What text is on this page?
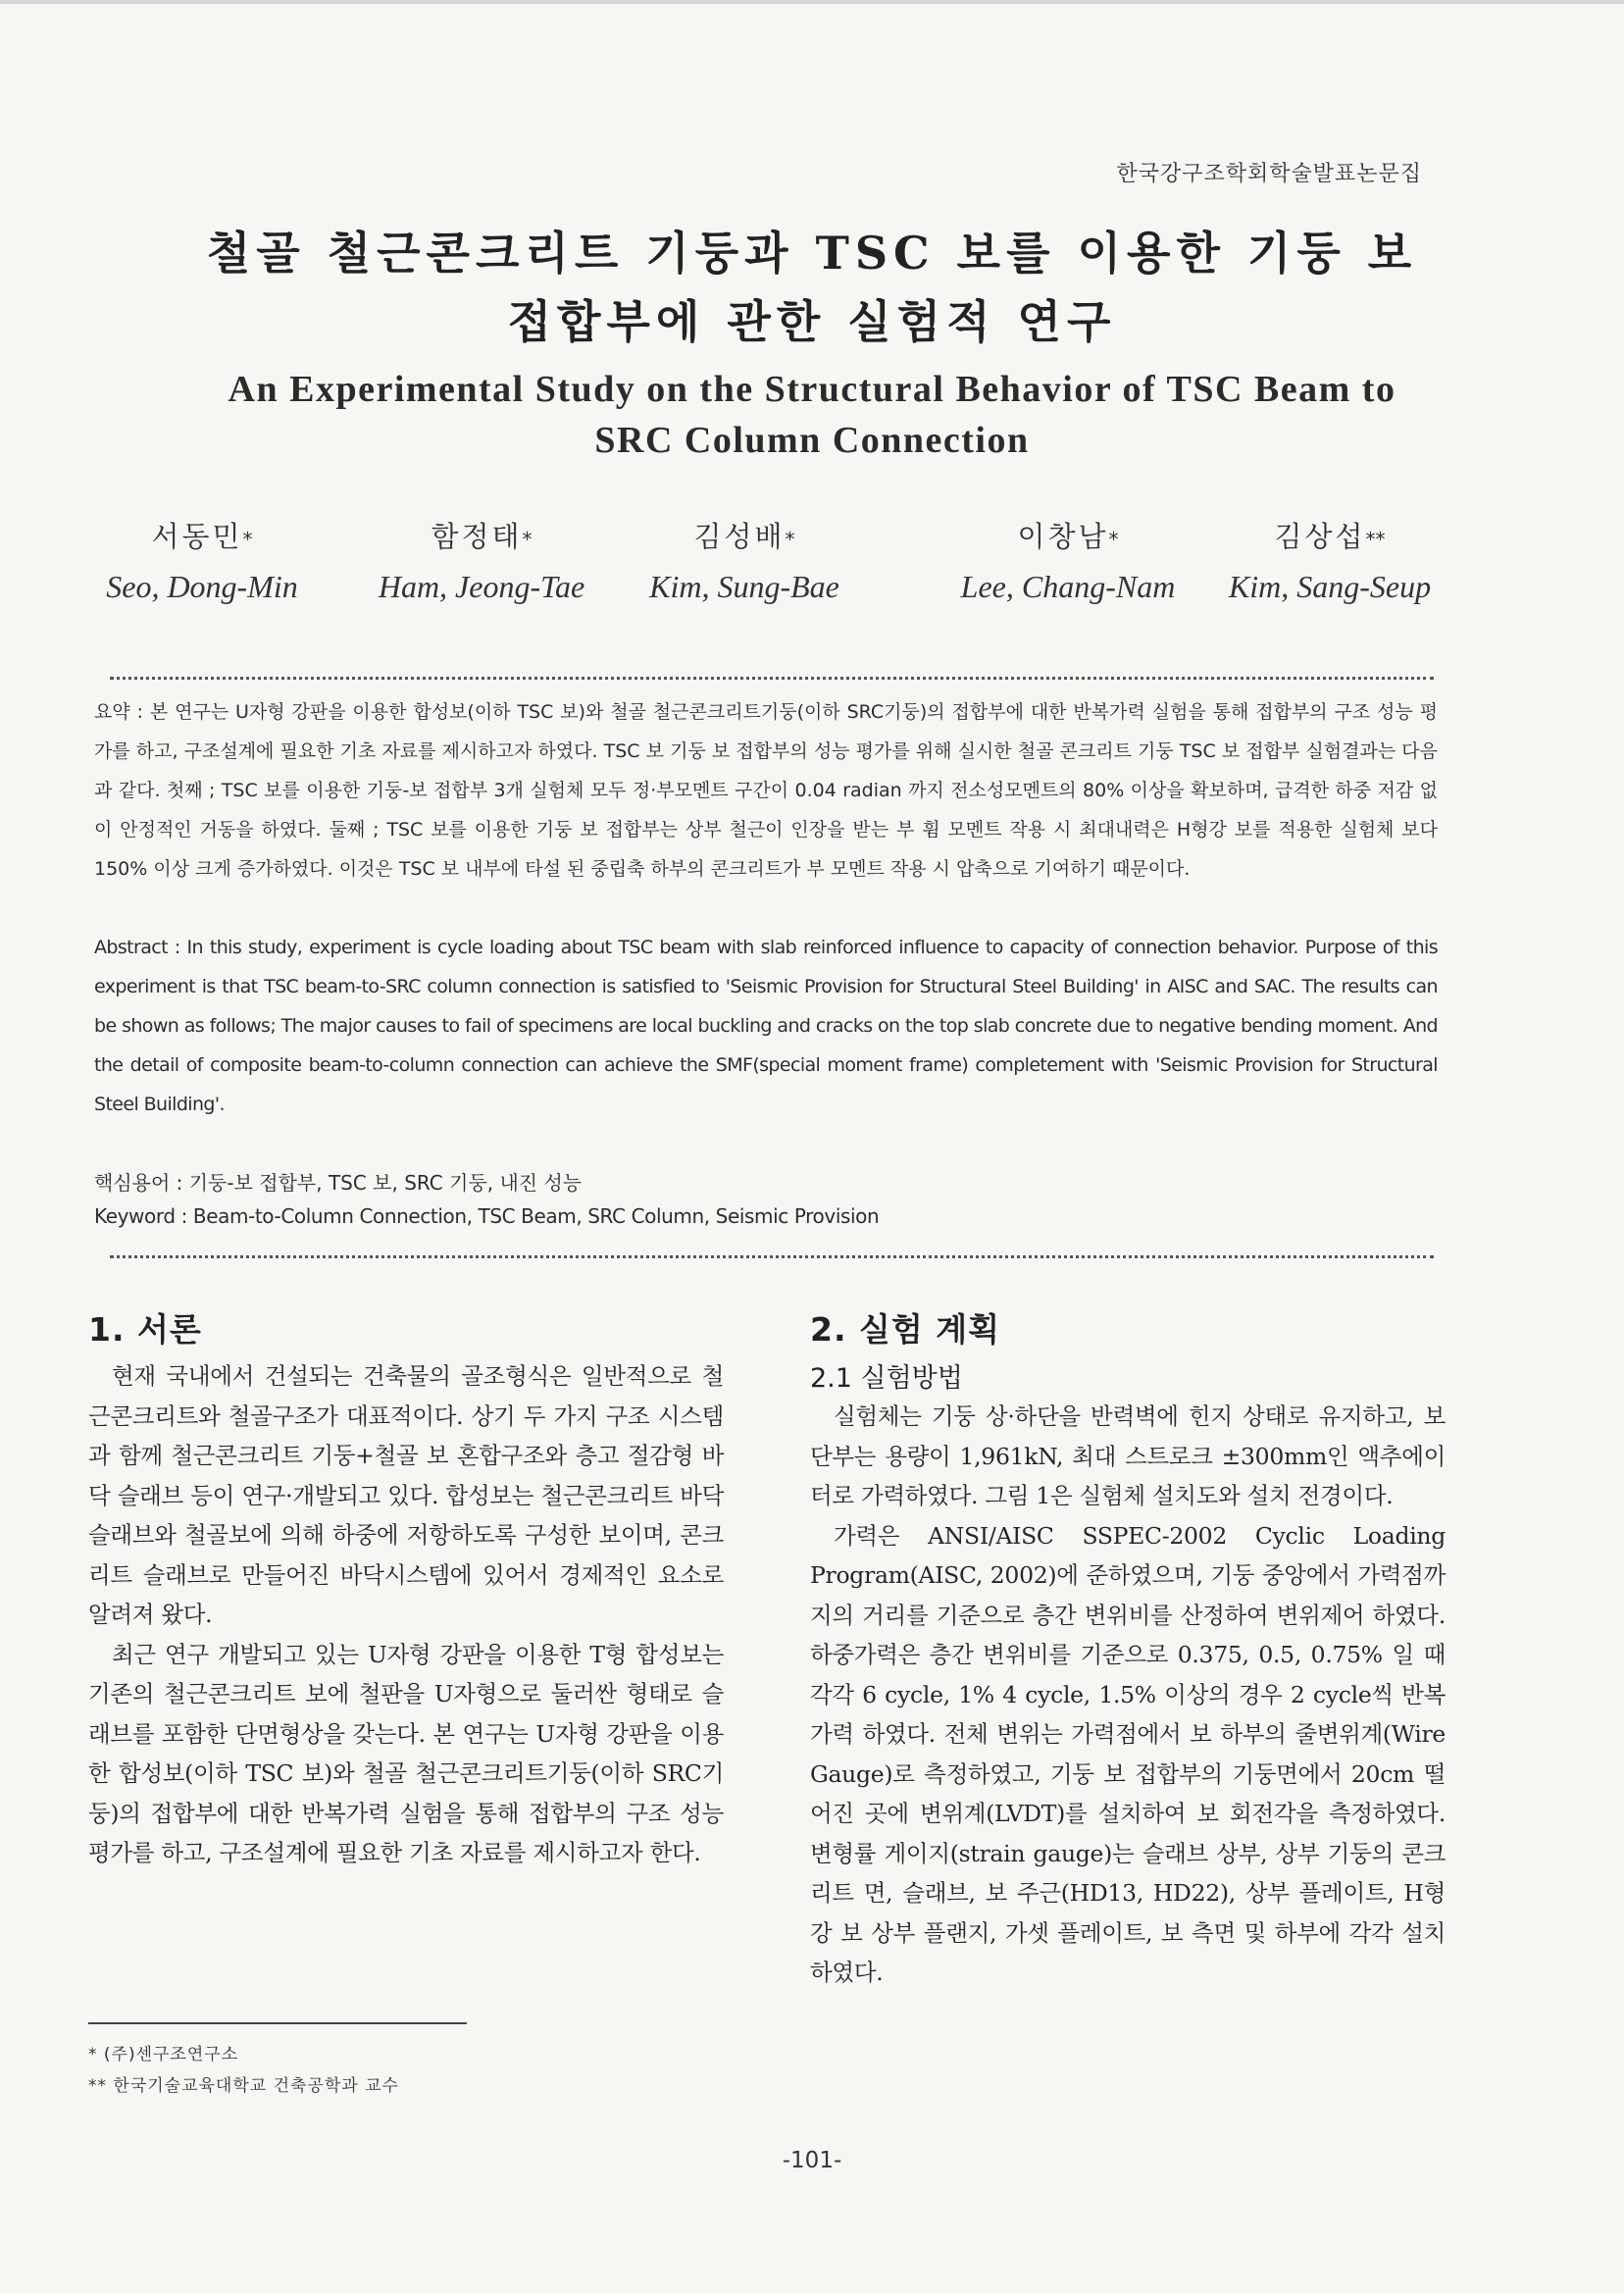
한국강구조학회학술발표논문집
철골 철근콘크리트 기둥과 TSC 보를 이용한 기둥 보
접합부에 관한 실험적 연구
An Experimental Study on the Structural Behavior of TSC Beam to
SRC Column Connection
서동민*
Seo, Dong-Min
함정태*
Ham, Jeong-Tae
김성배*
Kim, Sung-Bae
이창남*
Lee, Chang-Nam
김상섭**
Kim, Sang-Seup
요약 : 본 연구는 U자형 강판을 이용한 합성보(이하 TSC 보)와 철골 철근콘크리트기둥(이하 SRC기둥)의 접합부에 대한 반복가력 실험을 통해 접합부의 구조 성능 평가를 하고, 구조설계에 필요한 기초 자료를 제시하고자 하였다. TSC 보 기둥 보 접합부의 성능 평가를 위해 실시한 철골 콘크리트 기둥 TSC 보 접합부 실험결과는 다음과 같다. 첫째 ; TSC 보를 이용한 기둥-보 접합부 3개 실험체 모두 정·부모멘트 구간이 0.04 radian 까지 전소성모멘트의 80% 이상을 확보하며, 급격한 하중 저감 없이 안정적인 거동을 하였다. 둘째 ; TSC 보를 이용한 기둥 보 접합부는 상부 철근이 인장을 받는 부 휨 모멘트 작용 시 최대내력은 H형강 보를 적용한 실험체 보다 150% 이상 크게 증가하였다. 이것은 TSC 보 내부에 타설 된 중립축 하부의 콘크리트가 부 모멘트 작용 시 압축으로 기여하기 때문이다.
Abstract : In this study, experiment is cycle loading about TSC beam with slab reinforced influence to capacity of connection behavior. Purpose of this experiment is that TSC beam-to-SRC column connection is satisfied to 'Seismic Provision for Structural Steel Building' in AISC and SAC. The results can be shown as follows; The major causes to fail of specimens are local buckling and cracks on the top slab concrete due to negative bending moment. And the detail of composite beam-to-column connection can achieve the SMF(special moment frame) completement with 'Seismic Provision for Structural Steel Building'.
핵심용어 : 기둥-보 접합부, TSC 보, SRC 기둥, 내진 성능
Keyword : Beam-to-Column Connection, TSC Beam, SRC Column, Seismic Provision
1. 서론

현재 국내에서 건설되는 건축물의 골조형식은 일반적으로 철근콘크리트와 철골구조가 대표적이다. 상기 두 가지 구조 시스템과 함께 철근콘크리트 기둥+철골 보 혼합구조와 층고 절감형 바닥 슬래브 등이 연구·개발되고 있다. 합성보는 철근콘크리트 바닥 슬래브와 철골보에 의해 하중에 저항하도록 구성한 보이며, 콘크리트 슬래브로 만들어진 바닥시스템에 있어서 경제적인 요소로 알려져 왔다.

최근 연구 개발되고 있는 U자형 강판을 이용한 T형 합성보는 기존의 철근콘크리트 보에 철판을 U자형으로 둘러싼 형태로 슬래브를 포함한 단면형상을 갖는다. 본 연구는 U자형 강판을 이용한 합성보(이하 TSC 보)와 철골 철근콘크리트기둥(이하 SRC기둥)의 접합부에 대한 반복가력 실험을 통해 접합부의 구조 성능 평가를 하고, 구조설계에 필요한 기초 자료를 제시하고자 한다.

2. 실험 계획
2.1 실험방법

실험체는 기둥 상·하단을 반력벽에 힌지 상태로 유지하고, 보 단부는 용량이 1,961kN, 최대 스트로크 ±300mm인 액추에이터로 가력하였다. 그림 1은 실험체 설치도와 설치 전경이다.

가력은 ANSI/AISC SSPEC-2002 Cyclic Loading Program(AISC, 2002)에 준하였으며, 기둥 중앙에서 가력점까지의 거리를 기준으로 층간 변위비를 산정하여 변위제어 하였다. 하중가력은 층간 변위비를 기준으로 0.375, 0.5, 0.75% 일 때 각각 6 cycle, 1% 4 cycle, 1.5% 이상의 경우 2 cycle씩 반복가력 하였다. 전체 변위는 가력점에서 보 하부의 줄변위계(Wire Gauge)로 측정하였고, 기둥 보 접합부의 기둥면에서 20cm 떨어진 곳에 변위계(LVDT)를 설치하여 보 회전각을 측정하였다. 변형률 게이지(strain gauge)는 슬래브 상부, 상부 기둥의 콘크리트 면, 슬래브, 보 주근(HD13, HD22), 상부 플레이트, H형강 보 상부 플랜지, 가셋 플레이트, 보 측면 및 하부에 각각 설치하였다.

* (주)센구조연구소
** 한국기술교육대학교 건축공학과 교수
-101-
